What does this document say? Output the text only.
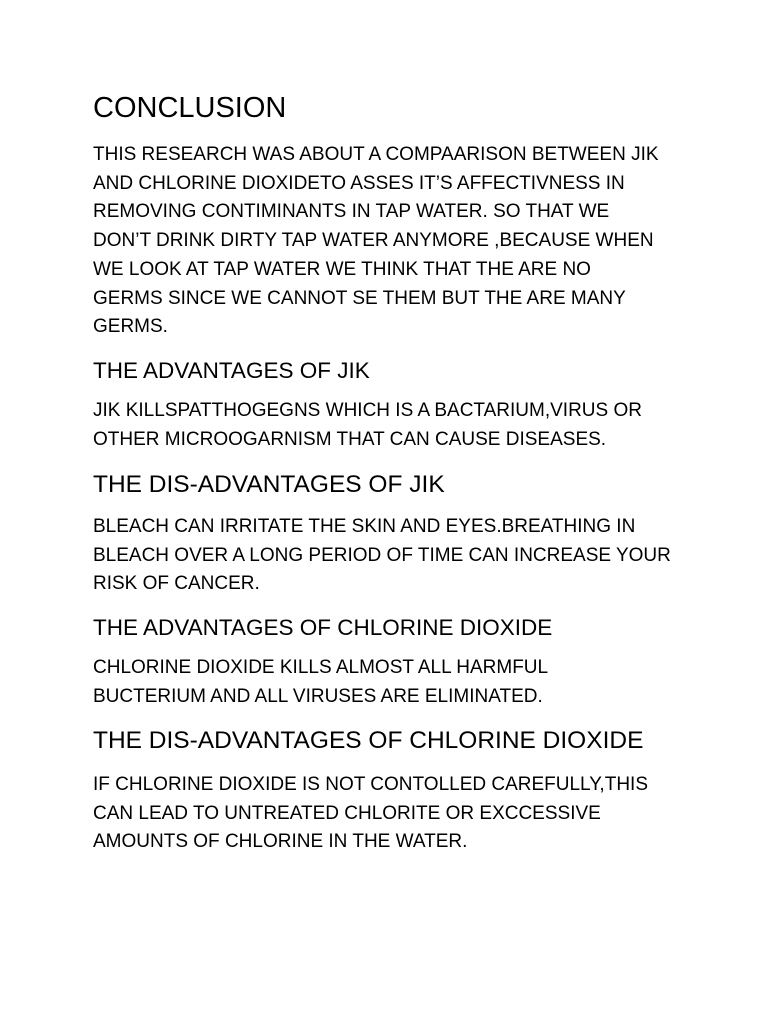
CONCLUSION
THIS RESEARCH WAS ABOUT A COMPAARISON BETWEEN JIK
AND CHLORINE DIOXIDETO ASSES IT’S AFFECTIVNESS IN
REMOVING CONTIMINANTS IN TAP WATER. SO THAT WE
DON’T DRINK DIRTY TAP WATER ANYMORE ,BECAUSE WHEN
WE LOOK AT TAP WATER WE THINK THAT THE ARE NO
GERMS SINCE WE CANNOT SE THEM BUT THE ARE MANY
GERMS.
THE ADVANTAGES OF JIK
JIK KILLSPATTHOGEGNS WHICH IS A BACTARIUM,VIRUS OR
OTHER MICROOGARNISM THAT CAN CAUSE DISEASES.
THE DIS-ADVANTAGES OF JIK
BLEACH CAN IRRITATE THE SKIN AND EYES.BREATHING IN
BLEACH OVER A LONG PERIOD OF TIME CAN INCREASE YOUR
RISK OF CANCER.
THE ADVANTAGES OF CHLORINE DIOXIDE
CHLORINE DIOXIDE KILLS ALMOST ALL HARMFUL
BUCTERIUM AND ALL VIRUSES ARE ELIMINATED.
THE DIS-ADVANTAGES OF CHLORINE DIOXIDE
IF CHLORINE DIOXIDE IS NOT CONTOLLED CAREFULLY,THIS
CAN LEAD TO UNTREATED CHLORITE OR EXCCESSIVE
AMOUNTS OF CHLORINE IN THE WATER.
